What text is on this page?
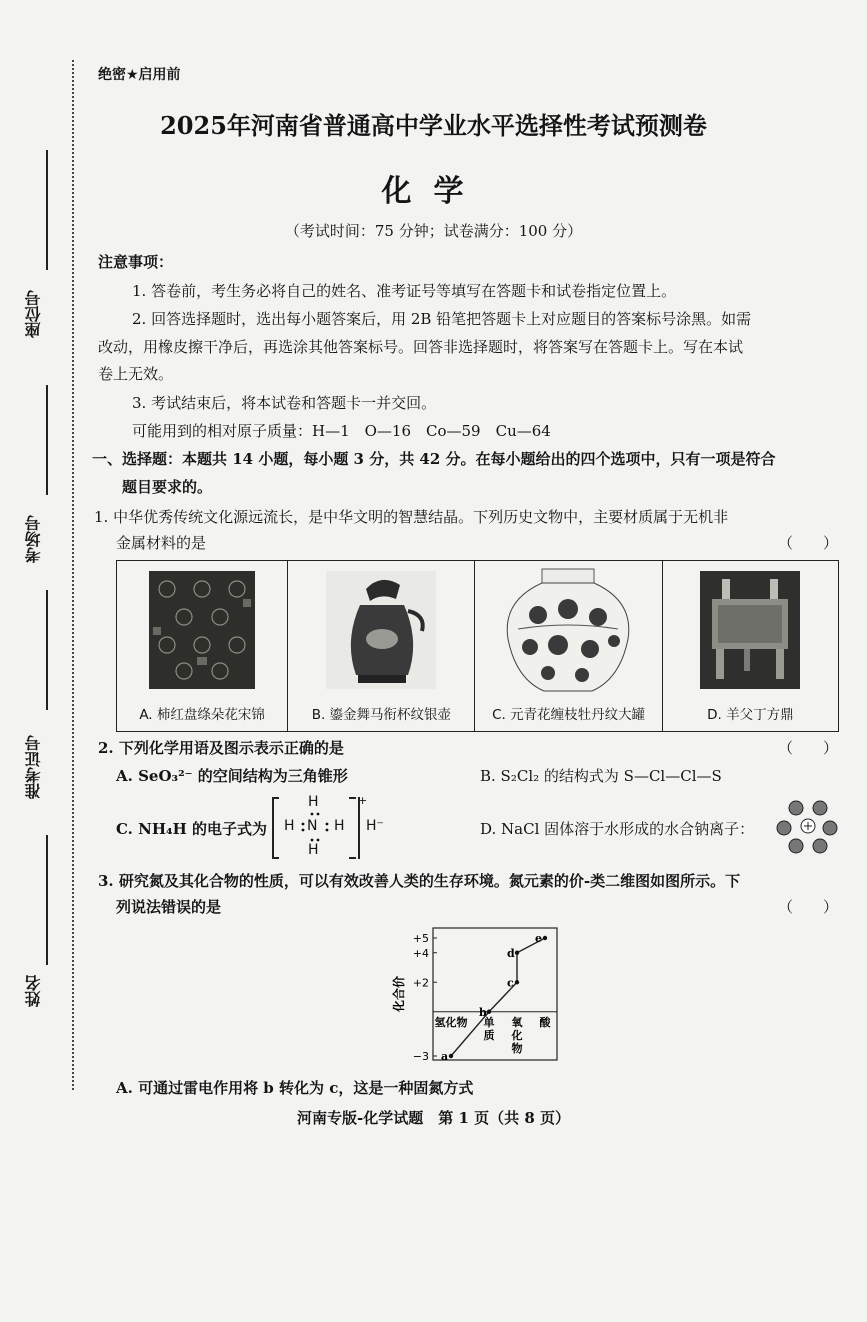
座位号
考场号
准考证号
姓名
绝密★启用前
2025年河南省普通高中学业水平选择性考试预测卷
化学
（考试时间：75 分钟；试卷满分：100 分）
注意事项：
1. 答卷前，考生务必将自己的姓名、准考证号等填写在答题卡和试卷指定位置上。
2. 回答选择题时，选出每小题答案后，用 2B 铅笔把答题卡上对应题目的答案标号涂黑。如需
改动，用橡皮擦干净后，再选涂其他答案标号。回答非选择题时，将答案写在答题卡上。写在本试
卷上无效。
3. 考试结束后，将本试卷和答题卡一并交回。
可能用到的相对原子质量：H—1　O—16　Co—59　Cu—64
一、选择题：本题共 14 小题，每小题 3 分，共 42 分。在每小题给出的四个选项中，只有一项是符合
题目要求的。
1. 中华优秀传统文化源远流长，是中华文明的智慧结晶。下列历史文物中，主要材质属于无机非
金属材料的是	（　　）
A. 柿红盘绦朵花宋锦	B. 鎏金舞马衔杯纹银壶	C. 元青花缠枝牡丹纹大罐	D. 羊父丁方鼎
2. 下列化学用语及图示表示正确的是	（　　）
A. SeO₃²⁻ 的空间结构为三角锥形	B. S₂Cl₂ 的结构式为 S—Cl—Cl—S
C. NH₄H 的电子式为
H
H N H
H
+
H⁻	D. NaCl 固体溶于水形成的水合钠离子：
3. 研究氮及其化合物的性质，可以有效改善人类的生存环境。氮元素的价-类二维图如图所示。下
列说法错误的是	（　　）
化合价
+5
+4
+2
−3 a
b
c
d
e
氢化物 单质
氧化物
酸
A. 可通过雷电作用将 b 转化为 c，这是一种固氮方式
河南专版-化学试题　第 1 页（共 8 页）
